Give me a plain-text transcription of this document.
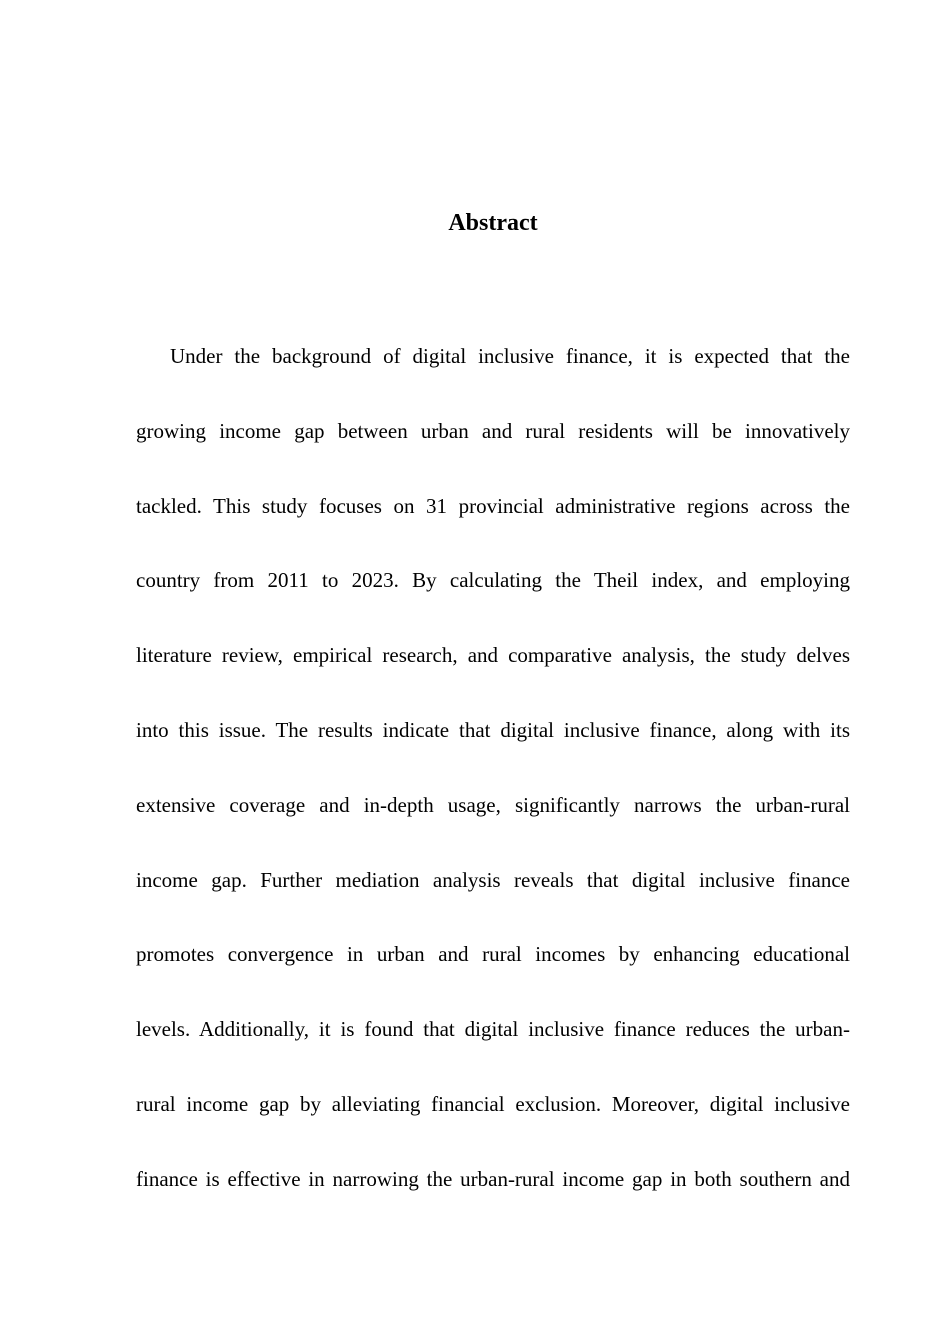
Abstract
Under the background of digital inclusive finance, it is expected that the
growing income gap between urban and rural residents will be innovatively
tackled. This study focuses on 31 provincial administrative regions across the
country from 2011 to 2023. By calculating the Theil index, and employing
literature review, empirical research, and comparative analysis, the study delves
into this issue. The results indicate that digital inclusive finance, along with its
extensive coverage and in-depth usage, significantly narrows the urban-rural
income gap. Further mediation analysis reveals that digital inclusive finance
promotes convergence in urban and rural incomes by enhancing educational
levels. Additionally, it is found that digital inclusive finance reduces the urban-
rural income gap by alleviating financial exclusion. Moreover, digital inclusive
finance is effective in narrowing the urban-rural income gap in both southern and
